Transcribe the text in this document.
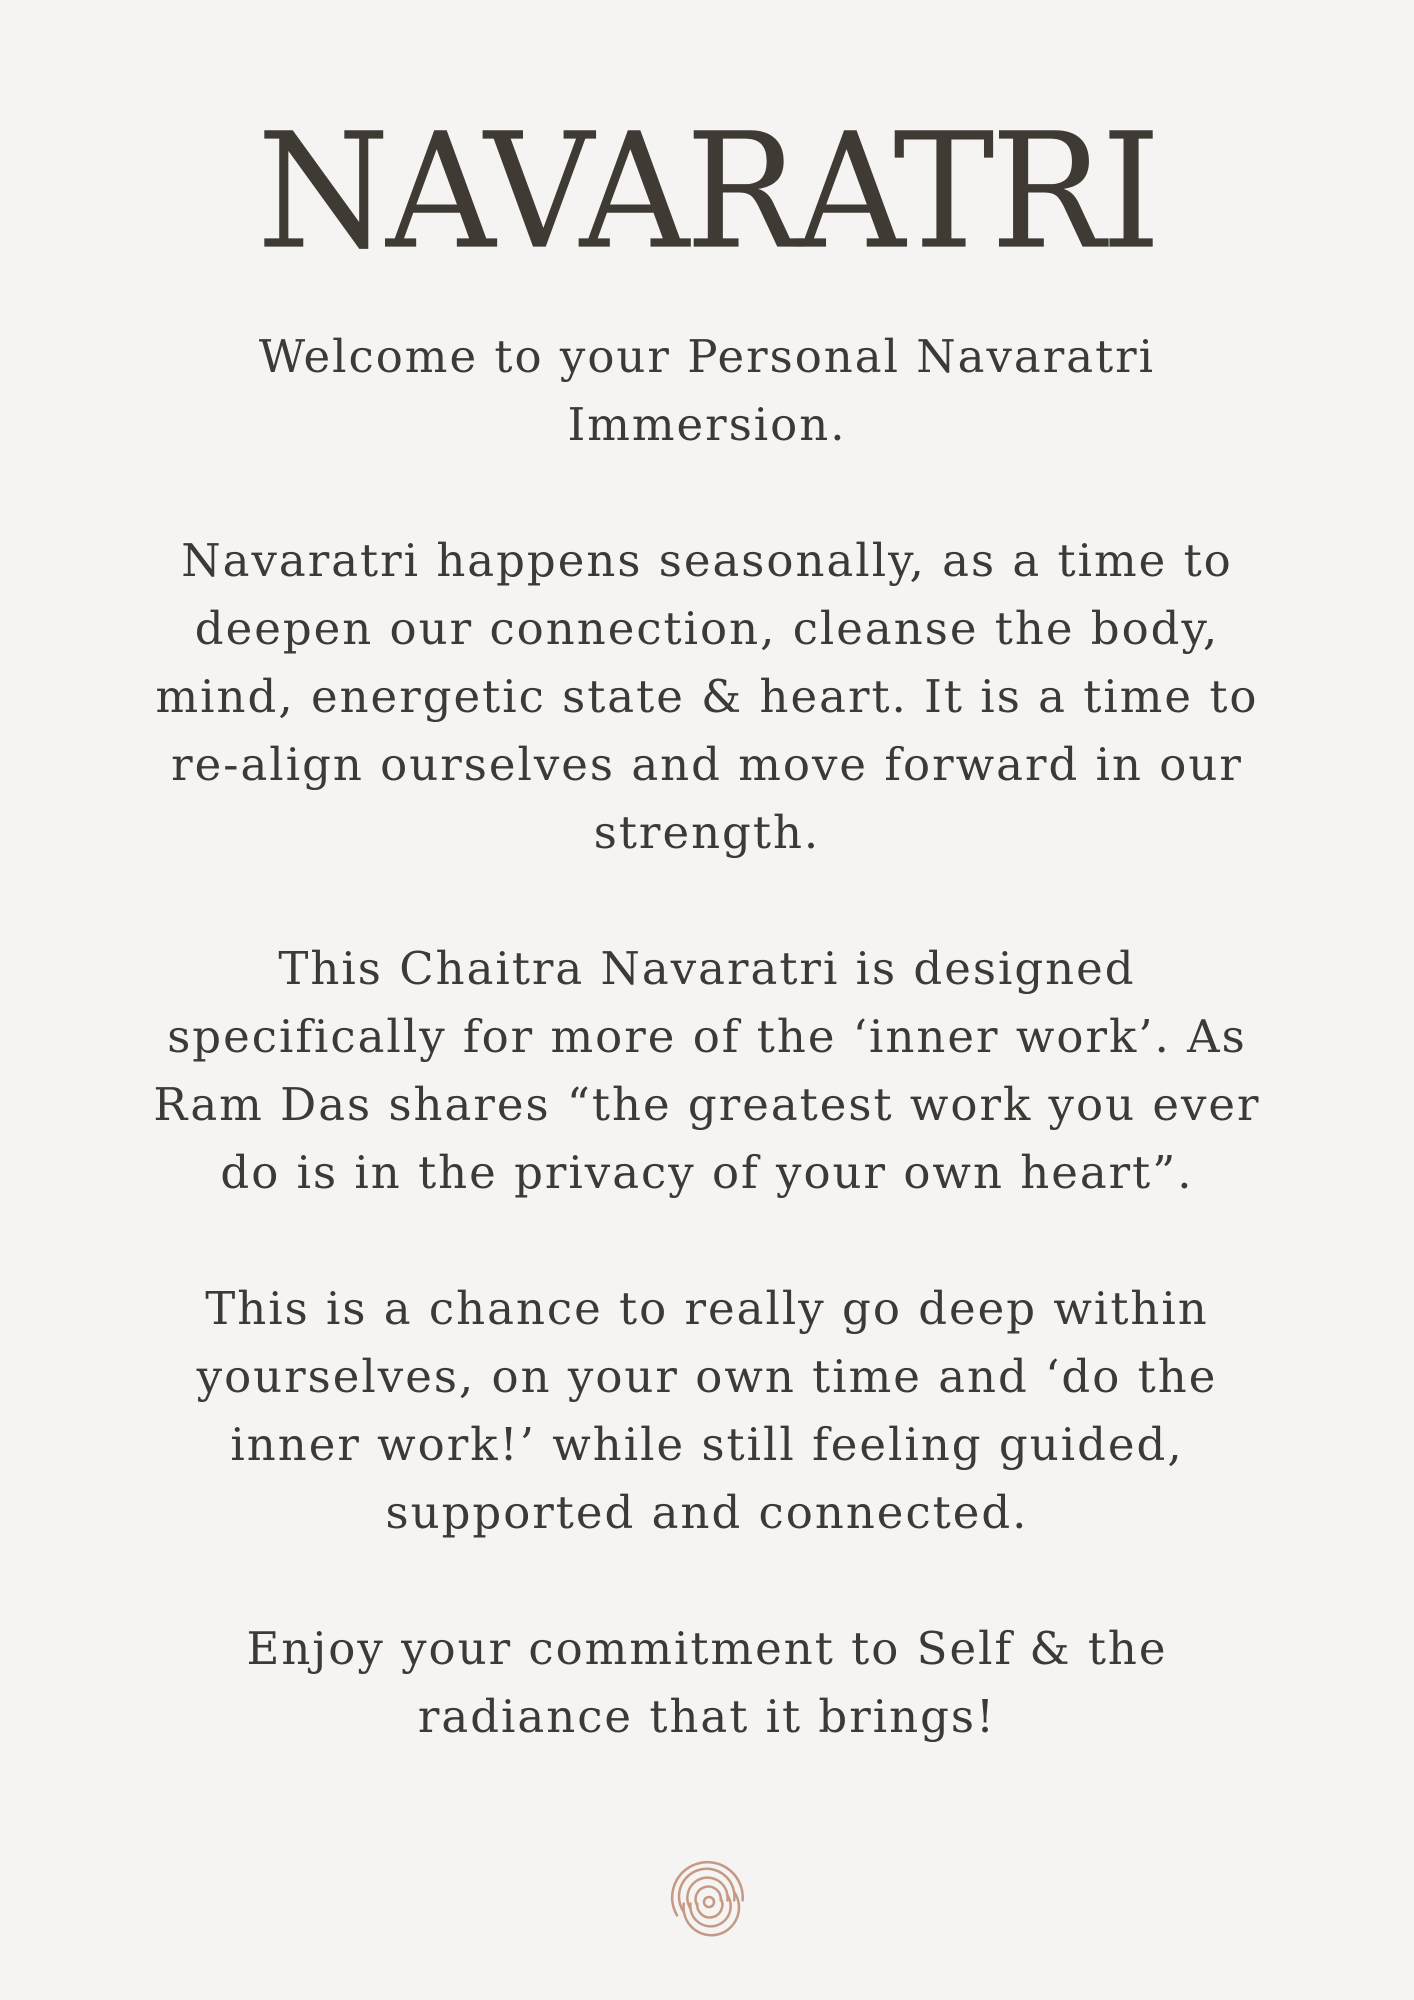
NAVARATRI

Welcome to your Personal Navaratri Immersion.

Navaratri happens seasonally, as a time to deepen our connection, cleanse the body, mind, energetic state & heart. It is a time to re-align ourselves and move forward in our strength.

This Chaitra Navaratri is designed specifically for more of the ‘inner work’. As Ram Das shares “the greatest work you ever do is in the privacy of your own heart”.

This is a chance to really go deep within yourselves, on your own time and ‘do the inner work!’ while still feeling guided, supported and connected.

Enjoy your commitment to Self & the radiance that it brings!
